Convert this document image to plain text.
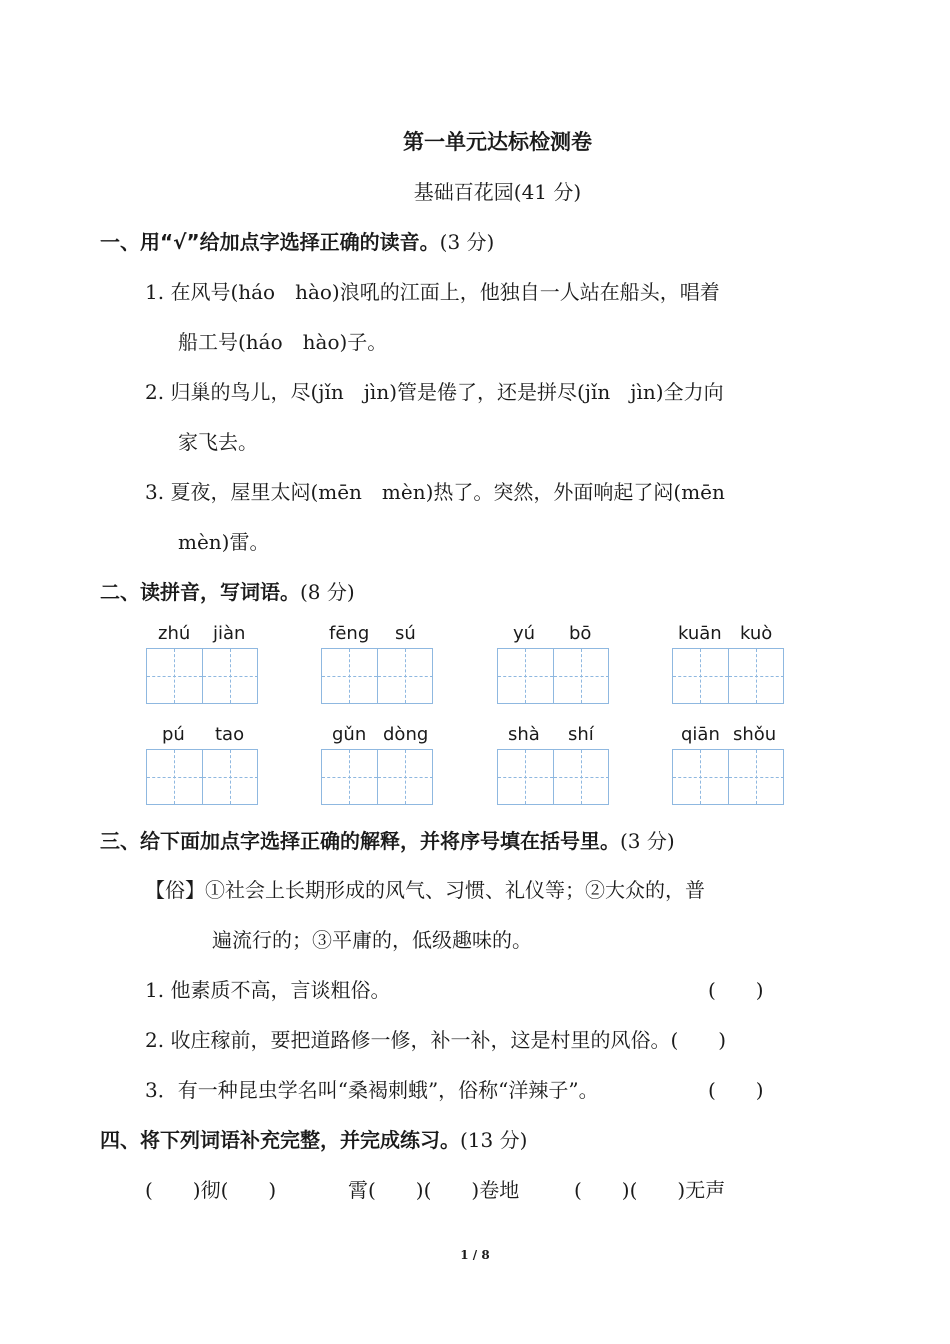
第一单元达标检测卷
基础百花园(41 分)
一、用“√”给加点字选择正确的读音。(3 分)
1. 在风号(háo　hào)浪吼的江面上，他独自一人站在船头，唱着
船工号(háo　hào)子。
2. 归巢的鸟儿，尽(jǐn　jìn)管是倦了，还是拼尽(jǐn　jìn)全力向
家飞去。
3. 夏夜，屋里太闷(mēn　mèn)热了。突然，外面响起了闷(mēn
mèn)雷。
二、读拼音，写词语。(8 分)
zhú jiàn	fēng sú	yú bō	kuān kuò
pú tao	gǔn dòng	shà shí	qiān shǒu
三、给下面加点字选择正确的解释，并将序号填在括号里。(3 分)
【俗】①社会上长期形成的风气、习惯、礼仪等；②大众的，普
遍流行的；③平庸的，低级趣味的。
1. 他素质不高，言谈粗俗。	(　　)
2. 收庄稼前，要把道路修一修，补一补，这是村里的风俗。(　　)
3．有一种昆虫学名叫“桑褐刺蛾”，俗称“洋辣子”。	(　　)
四、将下列词语补充完整，并完成练习。(13 分)
(　　)彻(　　)	霄(　　)(　　)卷地	(　　)(　　)无声
1 / 8
